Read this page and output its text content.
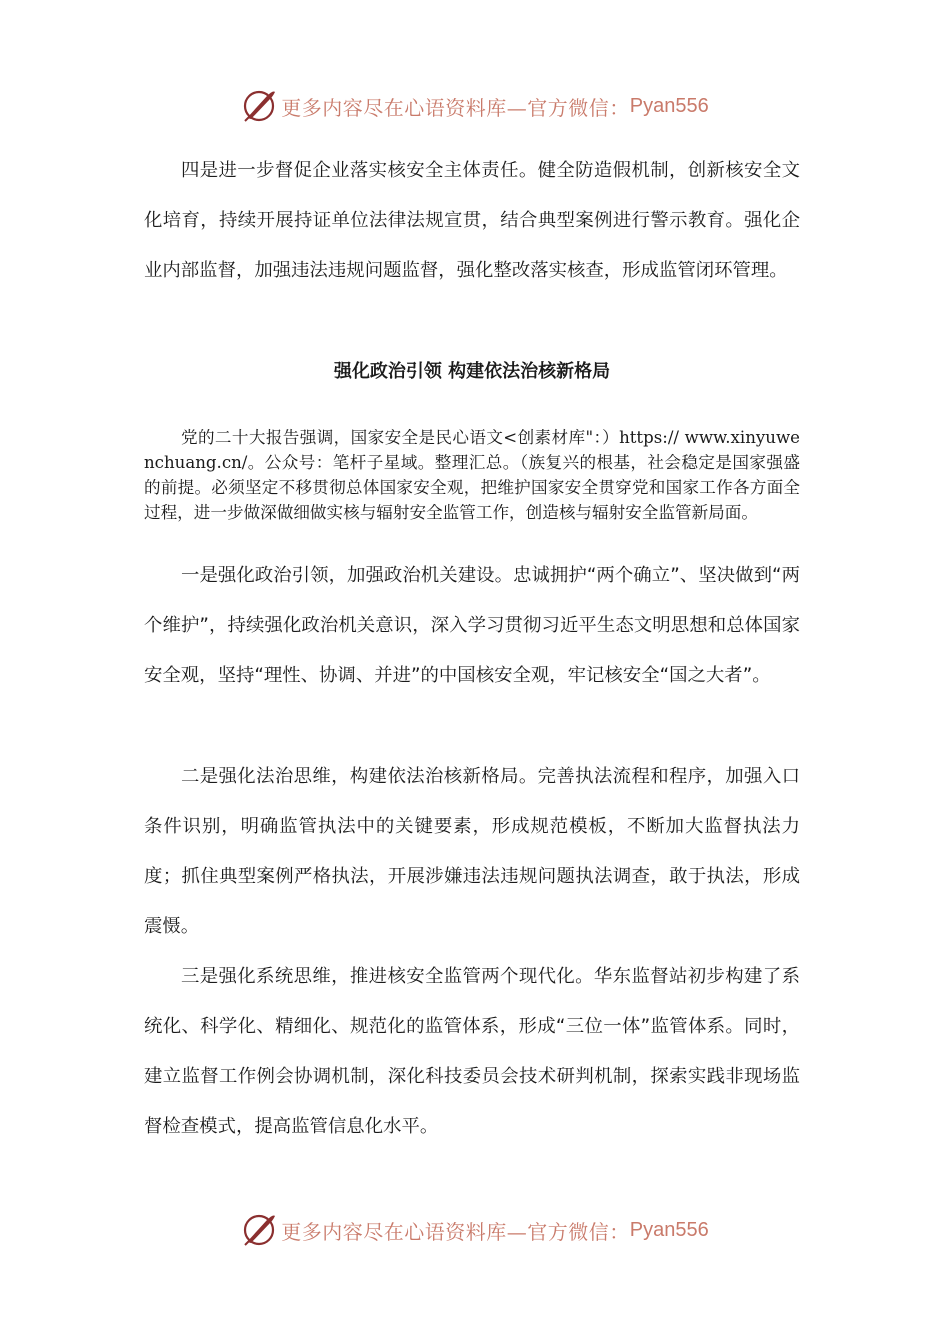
更多内容尽在心语资料库—官方微信： Pyan556

四是进一步督促企业落实核安全主体责任。健全防造假机制，创新核安全文化培育，持续开展持证单位法律法规宣贯，结合典型案例进行警示教育。强化企业内部监督，加强违法违规问题监督，强化整改落实核查，形成监管闭环管理。

强化政治引领 构建依法治核新格局

党的二十大报告强调，国家安全是民心语文<创素材库"：）https:// www.xinyuwenchuang.cn/。公众号：笔杆子星域。整理汇总。（族复兴的根基，社会稳定是国家强盛的前提。必须坚定不移贯彻总体国家安全观，把维护国家安全贯穿党和国家工作各方面全过程，进一步做深做细做实核与辐射安全监管工作，创造核与辐射安全监管新局面。

一是强化政治引领，加强政治机关建设。忠诚拥护“两个确立”、坚决做到“两个维护”，持续强化政治机关意识，深入学习贯彻习近平生态文明思想和总体国家安全观，坚持“理性、协调、并进”的中国核安全观，牢记核安全“国之大者”。

二是强化法治思维，构建依法治核新格局。完善执法流程和程序，加强入口条件识别，明确监管执法中的关键要素，形成规范模板，不断加大监督执法力度；抓住典型案例严格执法，开展涉嫌违法违规问题执法调查，敢于执法，形成震慑。

三是强化系统思维，推进核安全监管两个现代化。华东监督站初步构建了系统化、科学化、精细化、规范化的监管体系，形成“三位一体”监管体系。同时，建立监督工作例会协调机制，深化科技委员会技术研判机制，探索实践非现场监督检查模式，提高监管信息化水平。

更多内容尽在心语资料库—官方微信： Pyan556
